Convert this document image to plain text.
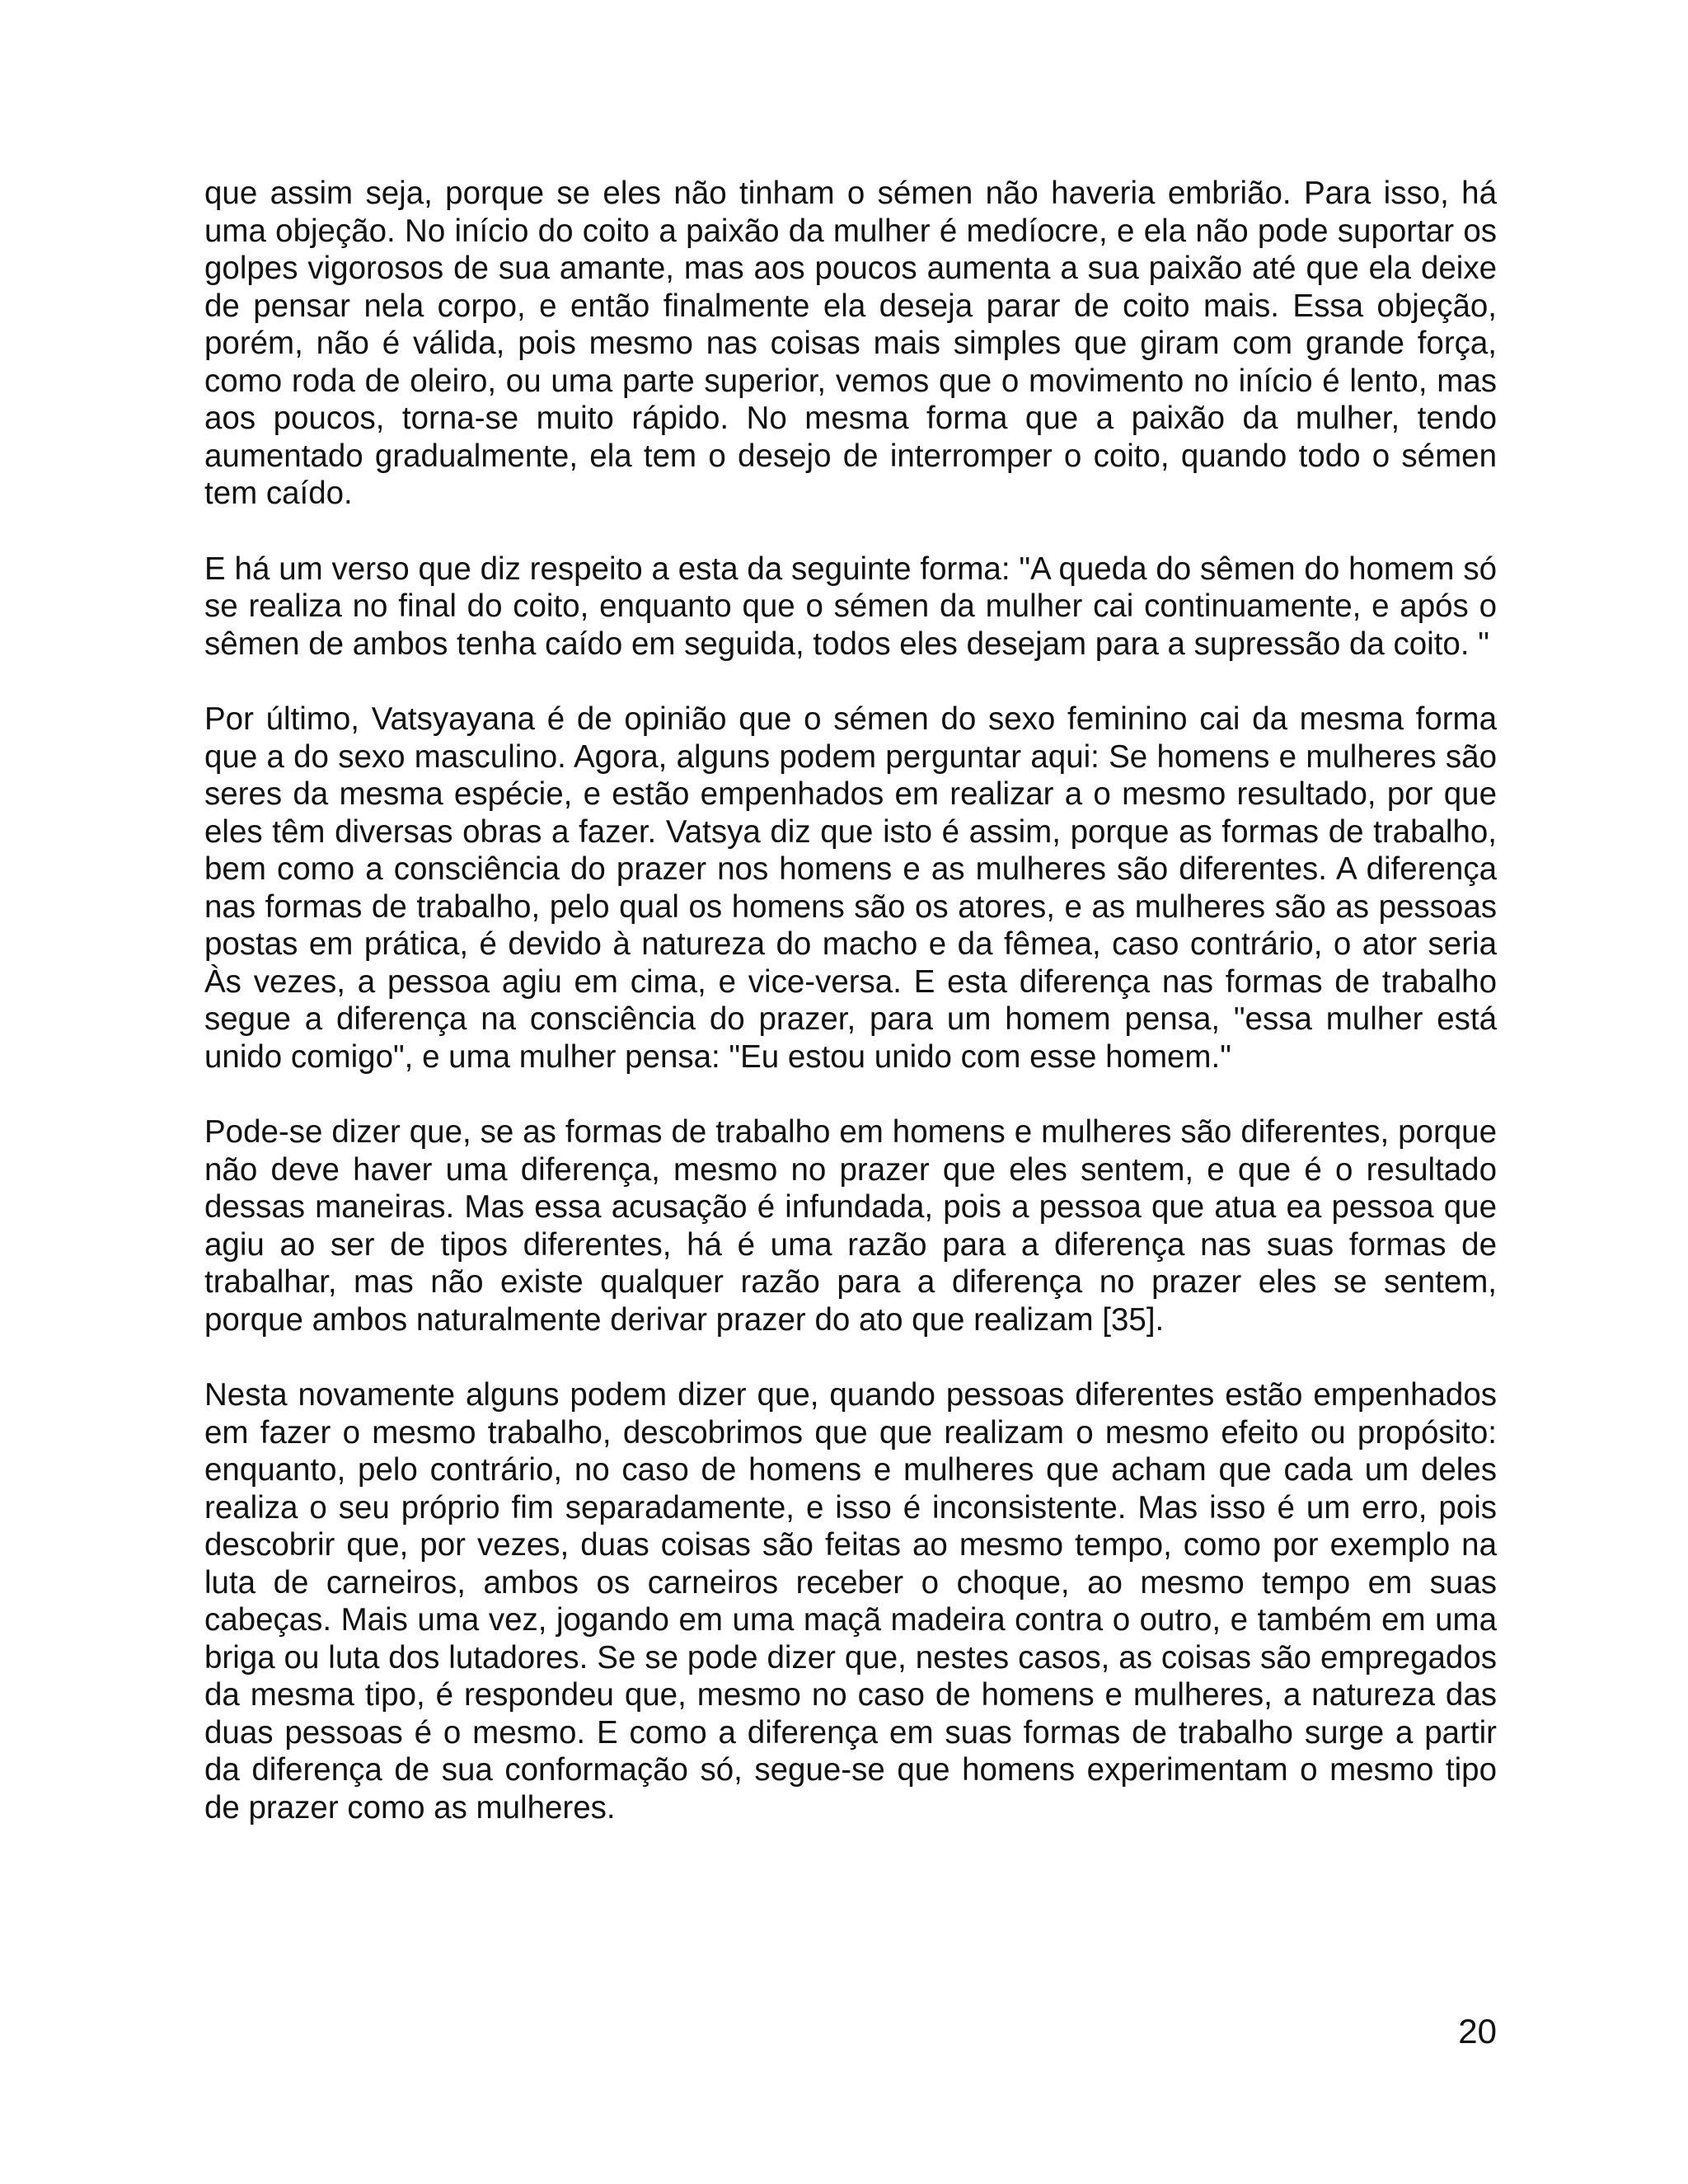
que assim seja, porque se eles não tinham o sémen não haveria embrião. Para isso, há uma objeção. No início do coito a paixão da mulher é medíocre, e ela não pode suportar os golpes vigorosos de sua amante, mas aos poucos aumenta a sua paixão até que ela deixe de pensar nela corpo, e então finalmente ela deseja parar de coito mais. Essa objeção, porém, não é válida, pois mesmo nas coisas mais simples que giram com grande força, como roda de oleiro, ou uma parte superior, vemos que o movimento no início é lento, mas aos poucos, torna-se muito rápido. No mesma forma que a paixão da mulher, tendo aumentado gradualmente, ela tem o desejo de interromper o coito, quando todo o sémen tem caído.

E há um verso que diz respeito a esta da seguinte forma: "A queda do sêmen do homem só se realiza no final do coito, enquanto que o sémen da mulher cai continuamente, e após o sêmen de ambos tenha caído em seguida, todos eles desejam para a supressão da coito. "

Por último, Vatsyayana é de opinião que o sémen do sexo feminino cai da mesma forma que a do sexo masculino. Agora, alguns podem perguntar aqui: Se homens e mulheres são seres da mesma espécie, e estão empenhados em realizar a o mesmo resultado, por que eles têm diversas obras a fazer. Vatsya diz que isto é assim, porque as formas de trabalho, bem como a consciência do prazer nos homens e as mulheres são diferentes. A diferença nas formas de trabalho, pelo qual os homens são os atores, e as mulheres são as pessoas postas em prática, é devido à natureza do macho e da fêmea, caso contrário, o ator seria Às vezes, a pessoa agiu em cima, e vice-versa. E esta diferença nas formas de trabalho segue a diferença na consciência do prazer, para um homem pensa, "essa mulher está unido comigo", e uma mulher pensa: "Eu estou unido com esse homem."

Pode-se dizer que, se as formas de trabalho em homens e mulheres são diferentes, porque não deve haver uma diferença, mesmo no prazer que eles sentem, e que é o resultado dessas maneiras. Mas essa acusação é infundada, pois a pessoa que atua ea pessoa que agiu ao ser de tipos diferentes, há é uma razão para a diferença nas suas formas de trabalhar, mas não existe qualquer razão para a diferença no prazer eles se sentem, porque ambos naturalmente derivar prazer do ato que realizam [35].

Nesta novamente alguns podem dizer que, quando pessoas diferentes estão empenhados em fazer o mesmo trabalho, descobrimos que que realizam o mesmo efeito ou propósito: enquanto, pelo contrário, no caso de homens e mulheres que acham que cada um deles realiza o seu próprio fim separadamente, e isso é inconsistente. Mas isso é um erro, pois descobrir que, por vezes, duas coisas são feitas ao mesmo tempo, como por exemplo na luta de carneiros, ambos os carneiros receber o choque, ao mesmo tempo em suas cabeças. Mais uma vez, jogando em uma maçã madeira contra o outro, e também em uma briga ou luta dos lutadores. Se se pode dizer que, nestes casos, as coisas são empregados da mesma tipo, é respondeu que, mesmo no caso de homens e mulheres, a natureza das duas pessoas é o mesmo. E como a diferença em suas formas de trabalho surge a partir da diferença de sua conformação só, segue-se que homens experimentam o mesmo tipo de prazer como as mulheres.

20
